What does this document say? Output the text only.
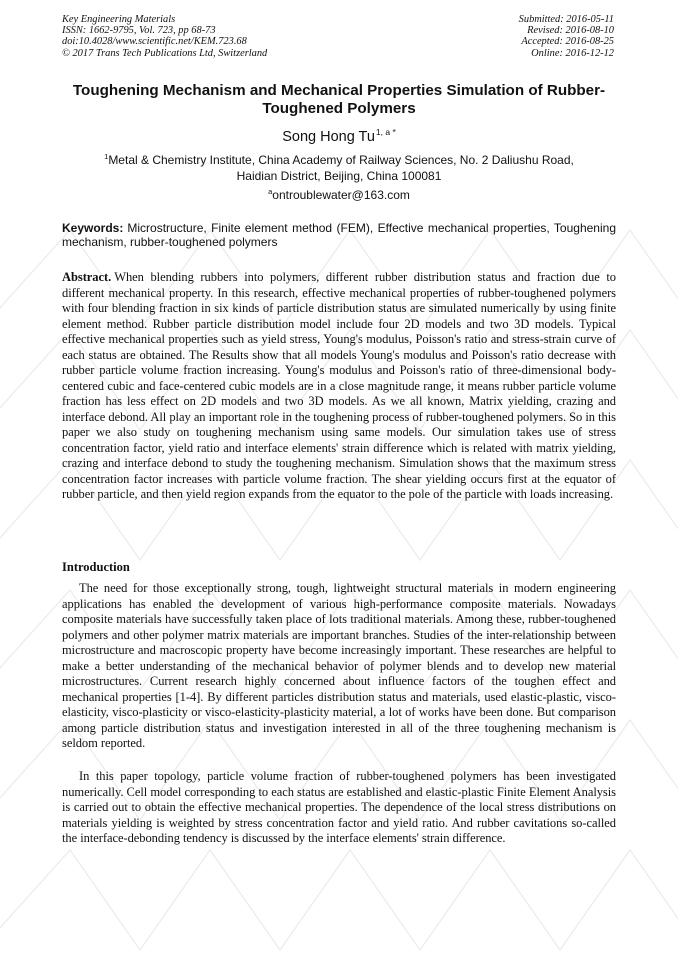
Key Engineering Materials
ISSN: 1662-9795, Vol. 723, pp 68-73
doi:10.4028/www.scientific.net/KEM.723.68
© 2017 Trans Tech Publications Ltd, Switzerland
Submitted: 2016-05-11
Revised: 2016-08-10
Accepted: 2016-08-25
Online: 2016-12-12
Toughening Mechanism and Mechanical Properties Simulation of Rubber-Toughened Polymers
Song Hong $Tu^{1, a *}$
$^1$Metal & Chemistry Institute, China Academy of Railway Sciences, No. 2 Daliushu Road,
Haidian District, Beijing, China 100081
$^a$ontroublewater@163.com
Keywords: Microstructure, Finite element method (FEM), Effective mechanical properties, Toughening mechanism, rubber-toughened polymers
Abstract. When blending rubbers into polymers, different rubber distribution status and fraction due to different mechanical property. In this research, effective mechanical properties of rubber-toughened polymers with four blending fraction in six kinds of particle distribution status are simulated numerically by using finite element method. Rubber particle distribution model include four 2D models and two 3D models. Typical effective mechanical properties such as yield stress, Young's modulus, Poisson's ratio and stress-strain curve of each status are obtained. The Results show that all models Young's modulus and Poisson's ratio decrease with rubber particle volume fraction increasing. Young's modulus and Poisson's ratio of three-dimensional body-centered cubic and face-centered cubic models are in a close magnitude range, it means rubber particle volume fraction has less effect on 2D models and two 3D models. As we all known, Matrix yielding, crazing and interface debond. All play an important role in the toughening process of rubber-toughened polymers. So in this paper we also study on toughening mechanism using same models. Our simulation takes use of stress concentration factor, yield ratio and interface elements' strain difference which is related with matrix yielding, crazing and interface debond to study the toughening mechanism. Simulation shows that the maximum stress concentration factor increases with particle volume fraction. The shear yielding occurs first at the equator of rubber particle, and then yield region expands from the equator to the pole of the particle with loads increasing.
Introduction
The need for those exceptionally strong, tough, lightweight structural materials in modern engineering applications has enabled the development of various high-performance composite materials. Nowadays composite materials have successfully taken place of lots traditional materials. Among these, rubber-toughened polymers and other polymer matrix materials are important branches. Studies of the inter-relationship between microstructure and macroscopic property have become increasingly important. These researches are helpful to make a better understanding of the mechanical behavior of polymer blends and to develop new material microstructures. Current research highly concerned about influence factors of the toughen effect and mechanical properties [1-4]. By different particles distribution status and materials, used elastic-plastic, visco-elasticity, visco-plasticity or visco-elasticity-plasticity material, a lot of works have been done. But comparison among particle distribution status and investigation interested in all of the three toughening mechanism is seldom reported.
In this paper topology, particle volume fraction of rubber-toughened polymers has been investigated numerically. Cell model corresponding to each status are established and elastic-plastic Finite Element Analysis is carried out to obtain the effective mechanical properties. The dependence of the local stress distributions on materials yielding is weighted by stress concentration factor and yield ratio. And rubber cavitations so-called the interface-debonding tendency is discussed by the interface elements' strain difference.
